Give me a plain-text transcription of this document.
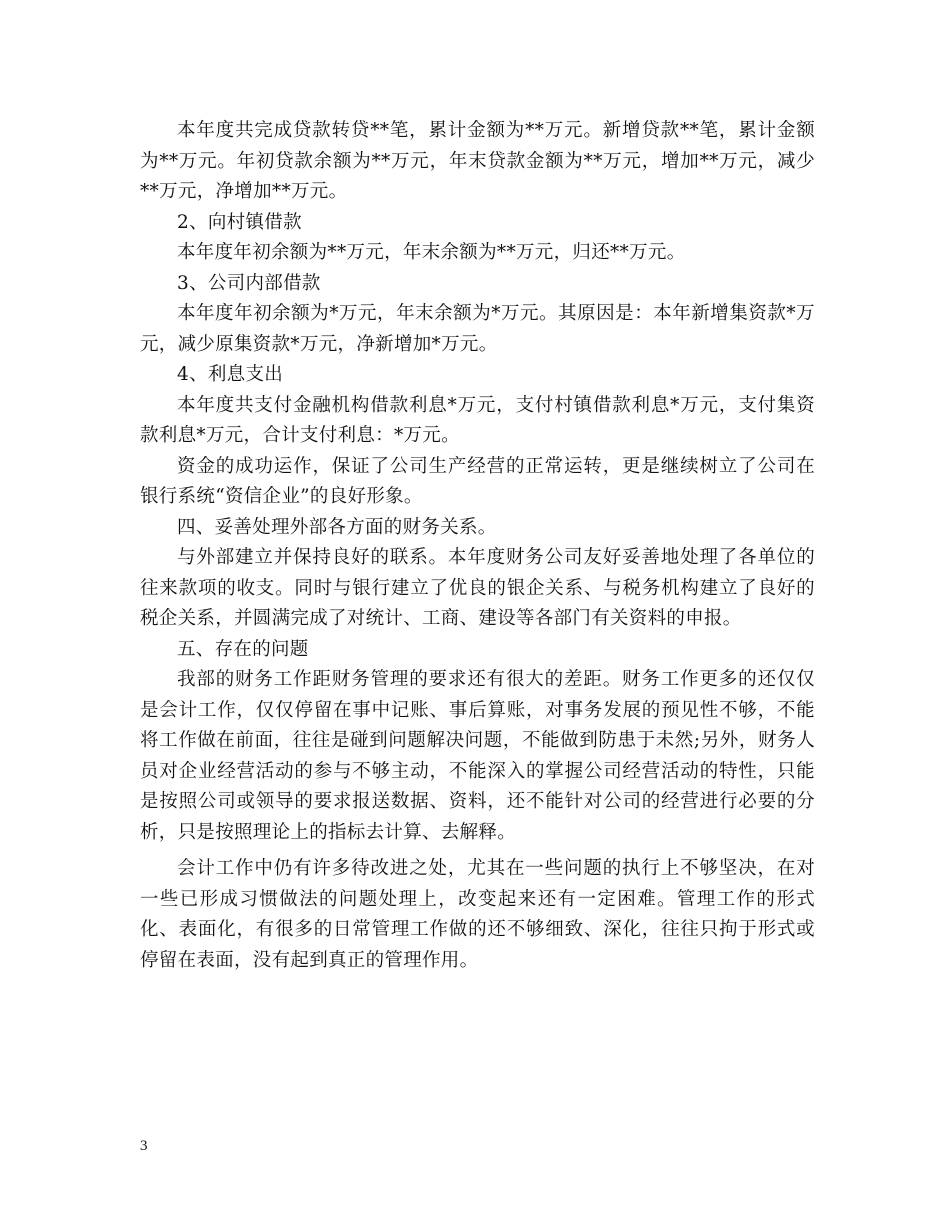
本年度共完成贷款转贷**笔，累计金额为**万元。新增贷款**笔，累计金额为**万元。年初贷款余额为**万元，年末贷款金额为**万元，增加**万元，减少**万元，净增加**万元。

2、向村镇借款

本年度年初余额为**万元，年末余额为**万元，归还**万元。

3、公司内部借款

本年度年初余额为*万元，年末余额为*万元。其原因是：本年新增集资款*万元，减少原集资款*万元，净新增加*万元。

4、利息支出

本年度共支付金融机构借款利息*万元，支付村镇借款利息*万元，支付集资款利息*万元，合计支付利息：*万元。

资金的成功运作，保证了公司生产经营的正常运转，更是继续树立了公司在银行系统“资信企业”的良好形象。

四、妥善处理外部各方面的财务关系。

与外部建立并保持良好的联系。本年度财务公司友好妥善地处理了各单位的往来款项的收支。同时与银行建立了优良的银企关系、与税务机构建立了良好的税企关系，并圆满完成了对统计、工商、建设等各部门有关资料的申报。

五、存在的问题

我部的财务工作距财务管理的要求还有很大的差距。财务工作更多的还仅仅是会计工作，仅仅停留在事中记账、事后算账，对事务发展的预见性不够，不能将工作做在前面，往往是碰到问题解决问题，不能做到防患于未然;另外，财务人员对企业经营活动的参与不够主动，不能深入的掌握公司经营活动的特性，只能是按照公司或领导的要求报送数据、资料，还不能针对公司的经营进行必要的分析，只是按照理论上的指标去计算、去解释。

会计工作中仍有许多待改进之处，尤其在一些问题的执行上不够坚决，在对一些已形成习惯做法的问题处理上，改变起来还有一定困难。管理工作的形式化、表面化，有很多的日常管理工作做的还不够细致、深化，往往只拘于形式或停留在表面，没有起到真正的管理作用。

3
